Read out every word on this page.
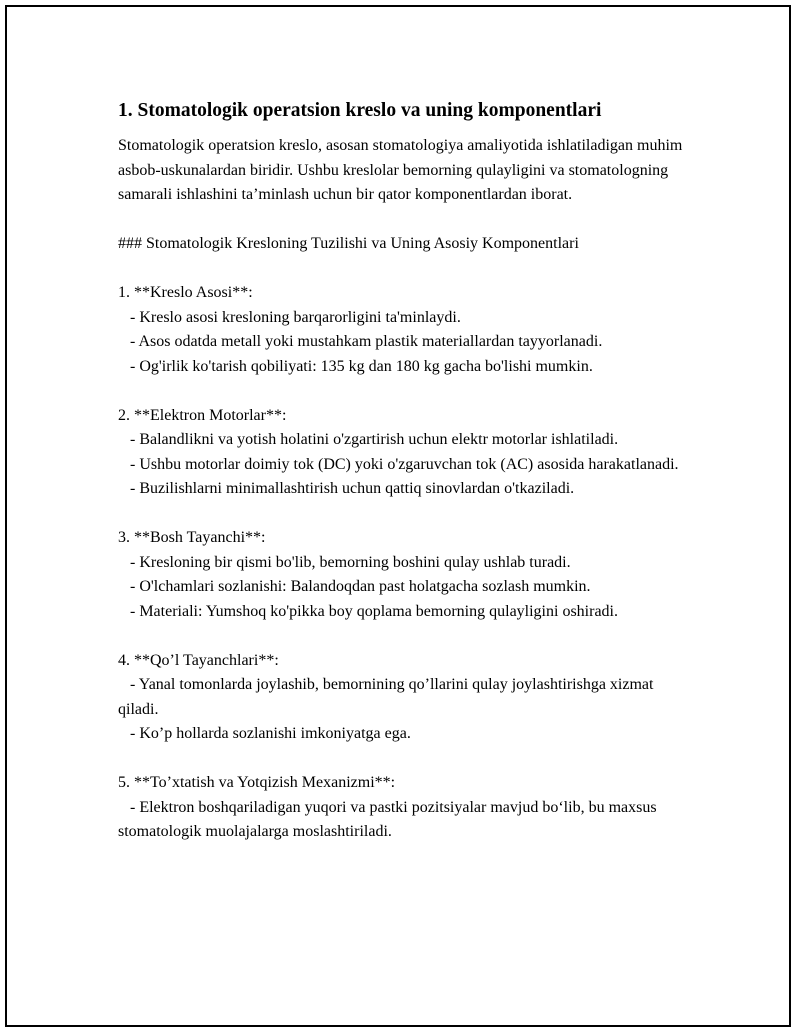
1. Stomatologik operatsion kreslo va uning komponentlari

Stomatologik operatsion kreslo, asosan stomatologiya amaliyotida ishlatiladigan muhim asbob-uskunalardan biridir. Ushbu kreslolar bemorning qulayligini va stomatologning samarali ishlashini ta’minlash uchun bir qator komponentlardan iborat.

### Stomatologik Kresloning Tuzilishi va Uning Asosiy Komponentlari

1. **Kreslo Asosi**:
- Kreslo asosi kresloning barqarorligini ta'minlaydi.
- Asos odatda metall yoki mustahkam plastik materiallardan tayyorlanadi.
- Og'irlik ko'tarish qobiliyati: 135 kg dan 180 kg gacha bo'lishi mumkin.

2. **Elektron Motorlar**:
- Balandlikni va yotish holatini o'zgartirish uchun elektr motorlar ishlatiladi.
- Ushbu motorlar doimiy tok (DC) yoki o'zgaruvchan tok (AC) asosida harakatlanadi.
- Buzilishlarni minimallashtirish uchun qattiq sinovlardan o'tkaziladi.

3. **Bosh Tayanchi**:
- Kresloning bir qismi bo'lib, bemorning boshini qulay ushlab turadi.
- O'lchamlari sozlanishi: Balandoqdan past holatgacha sozlash mumkin.
- Materiali: Yumshoq ko'pikka boy qoplama bemorning qulayligini oshiradi.

4. **Qo’l Tayanchlari**:
- Yanal tomonlarda joylashib, bemornining qo’llarini qulay joylashtirishga xizmat qiladi.
- Ko’p hollarda sozlanishi imkoniyatga ega.

5. **To’xtatish va Yotqizish Mexanizmi**:
- Elektron boshqariladigan yuqori va pastki pozitsiyalar mavjud bo‘lib, bu maxsus stomatologik muolajalarga moslashtiriladi.
